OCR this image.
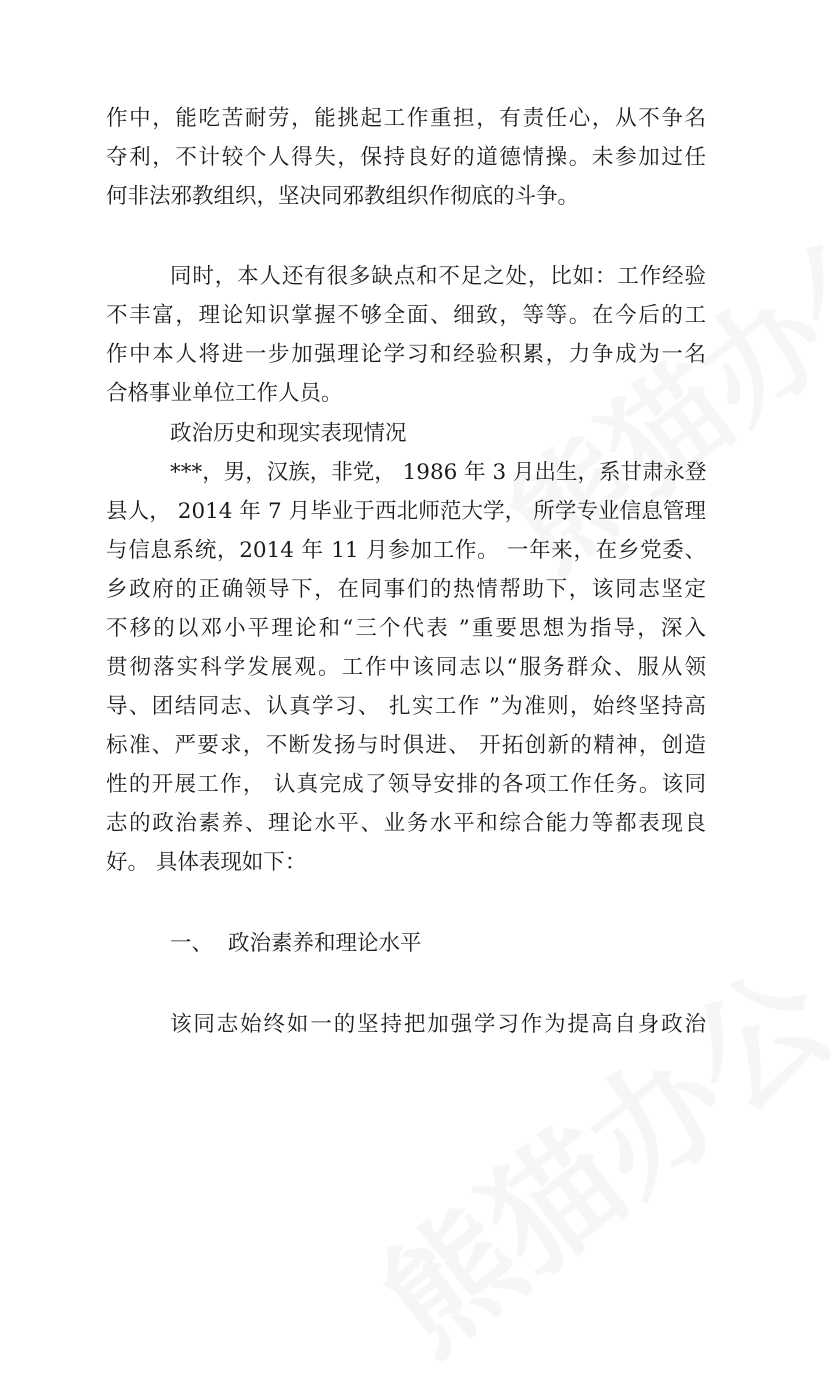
作中，能吃苦耐劳，能挑起工作重担，有责任心，从不争名
夺利，不计较个人得失，保持良好的道德情操。未参加过任
何非法邪教组织，坚决同邪教组织作彻底的斗争。
同时，本人还有很多缺点和不足之处，比如：工作经验
不丰富，理论知识掌握不够全面、细致，等等。在今后的工
作中本人将进一步加强理论学习和经验积累，力争成为一名
合格事业单位工作人员。
政治历史和现实表现情况
***，男，汉族，非党， 1986 年 3 月出生，系甘肃永登
县人， 2014 年 7 月毕业于西北师范大学， 所学专业信息管理
与信息系统，2014 年 11 月参加工作。 一年来，在乡党委、
乡政府的正确领导下，在同事们的热情帮助下，该同志坚定
不移的以邓小平理论和“三个代表 ”重要思想为指导，深入
贯彻落实科学发展观。工作中该同志以“服务群众、服从领
导、团结同志、认真学习、 扎实工作 ”为准则，始终坚持高
标准、严要求，不断发扬与时俱进、 开拓创新的精神，创造
性的开展工作， 认真完成了领导安排的各项工作任务。该同
志的政治素养、理论水平、业务水平和综合能力等都表现良
好。 具体表现如下：
一、 政治素养和理论水平
该同志始终如一的坚持把加强学习作为提高自身政治
